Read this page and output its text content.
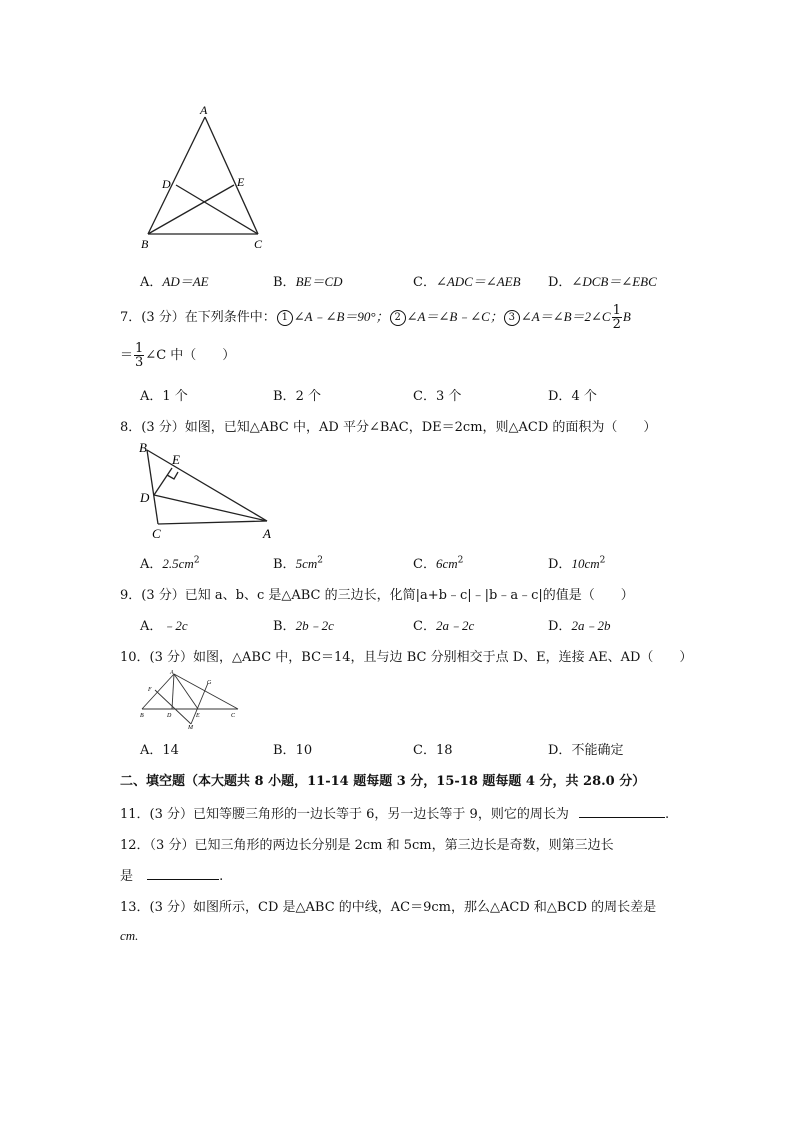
A
D	E
B	C
A．AD＝AE	B．BE＝CD	C．∠ADC＝∠AEB D．∠DCB＝∠EBC
7．(3 分）在下列条件中： 1 ∠A﹣∠B＝90°； 2 ∠A＝∠B﹣∠C； 3 ∠A＝∠B＝2∠C $\frac{1}{2}$ B
＝ $\frac{1}{3}$ ∠C 中（　　）
A．1 个	B．2 个	C．3 个	D．4 个
8．(3 分）如图，已知△ABC 中，AD 平分∠BAC，DE＝2cm，则△ACD 的面积为（　　）
B
E
D
C	A
A．$2.5cm^2$	B．$5cm^2$	C．$6cm^2$	D．$10cm^2$
9．(3 分）已知 a、b、c 是△ABC 的三边长，化简|a+b﹣c|﹣|b﹣a﹣c|的值是（　　）
A．﹣2c	B．2b﹣2c	C．2a﹣2c	D．2a﹣2b
10．(3 分）如图，△ABC 中，BC＝14，且与边 BC 分别相交于点 D、E，连接 AE、AD（　　）
A
F
G
B	D	E	C
M
A．14	B．10	C．18	D．不能确定
二、填空题（本大题共 8 小题，11-14 题每题 3 分，15-18 题每题 4 分，共 28.0 分）
11．(3 分）已知等腰三角形的一边长等于 6，另一边长等于 9，则它的周长为	.
12．（3 分）已知三角形的两边长分别是 2cm 和 5cm，第三边长是奇数，则第三边长
是	.
13．(3 分）如图所示，CD 是△ABC 的中线，AC＝9cm，那么△ACD 和△BCD 的周长差是
cm.
